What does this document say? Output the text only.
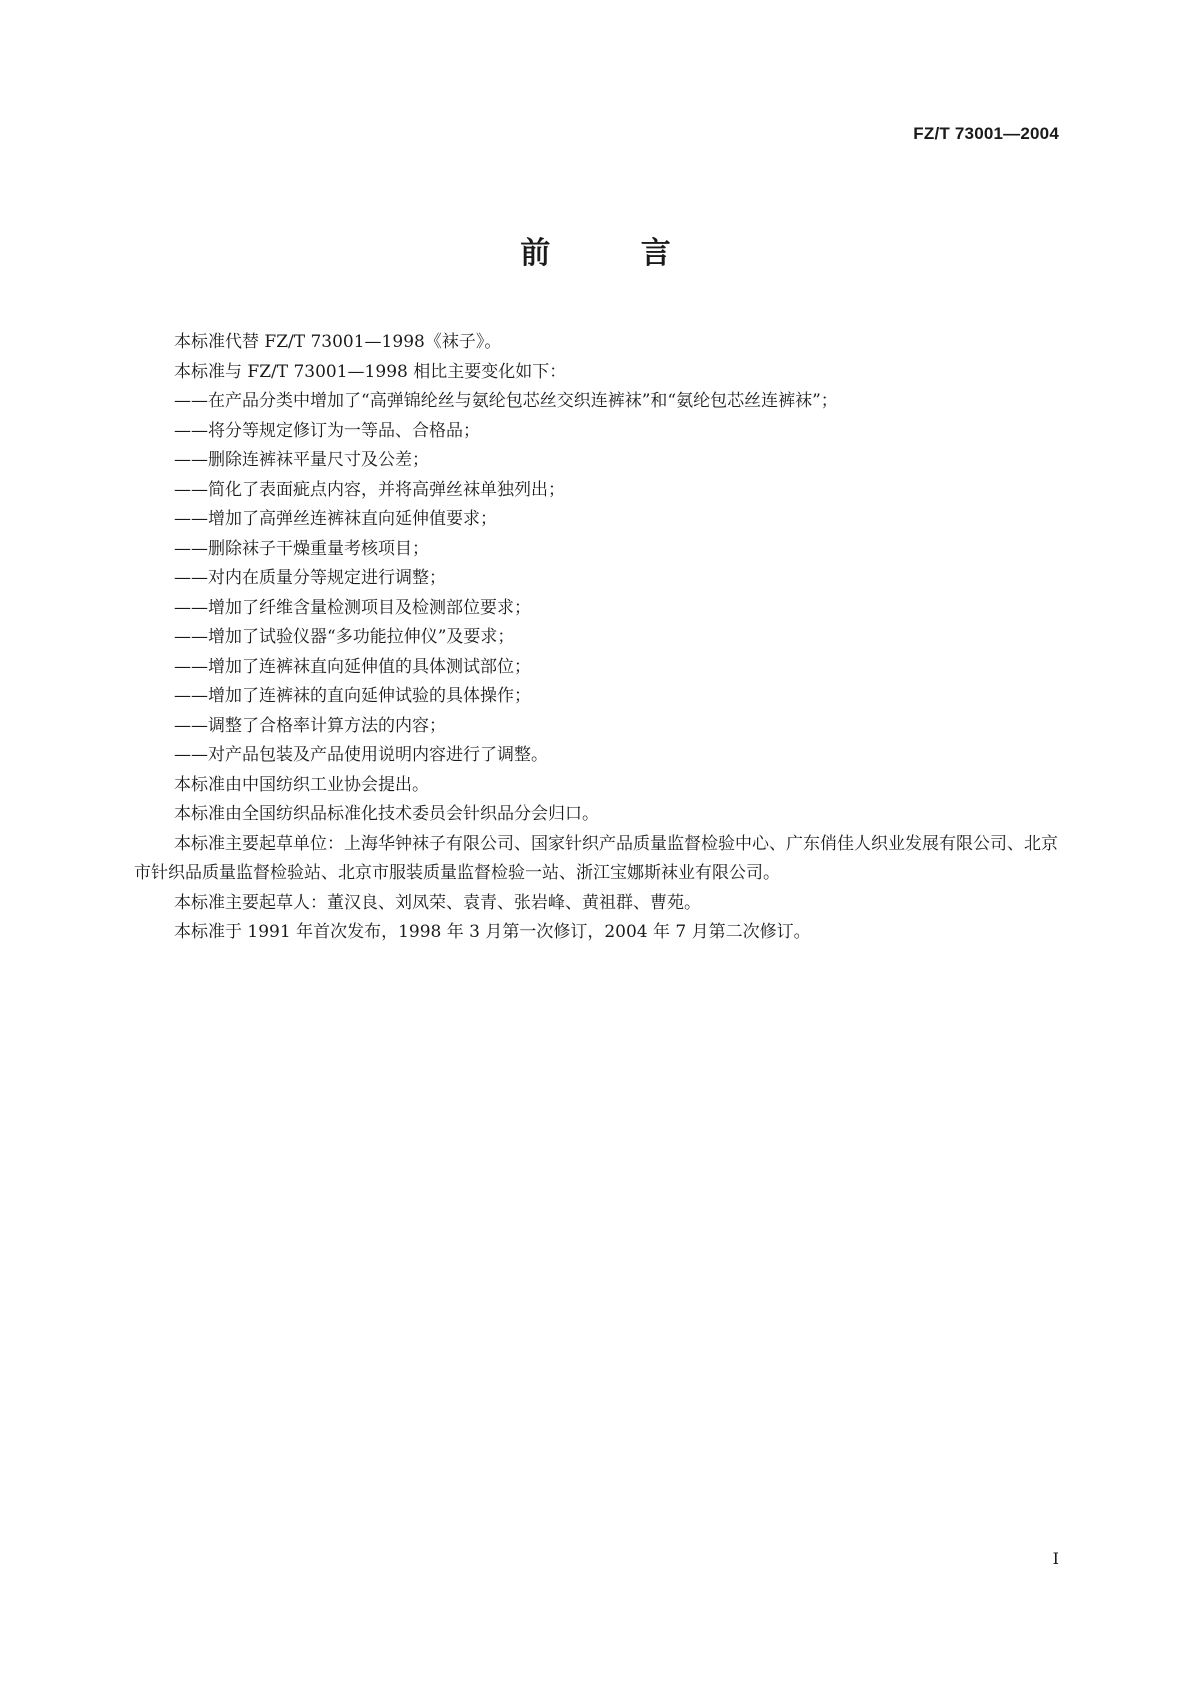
FZ/T 73001—2004
前 言

本标准代替 FZ/T 73001—1998《袜子》。

本标准与 FZ/T 73001—1998 相比主要变化如下：

——在产品分类中增加了“高弹锦纶丝与氨纶包芯丝交织连裤袜”和“氨纶包芯丝连裤袜”；

——将分等规定修订为一等品、合格品；

——删除连裤袜平量尺寸及公差；

——简化了表面疵点内容，并将高弹丝袜单独列出；

——增加了高弹丝连裤袜直向延伸值要求；

——删除袜子干燥重量考核项目；

——对内在质量分等规定进行调整；

——增加了纤维含量检测项目及检测部位要求；

——增加了试验仪器“多功能拉伸仪”及要求；

——增加了连裤袜直向延伸值的具体测试部位；

——增加了连裤袜的直向延伸试验的具体操作；

——调整了合格率计算方法的内容；

——对产品包装及产品使用说明内容进行了调整。

本标准由中国纺织工业协会提出。

本标准由全国纺织品标准化技术委员会针织品分会归口。

本标准主要起草单位：上海华钟袜子有限公司、国家针织产品质量监督检验中心、广东俏佳人织业发展有限公司、北京市针织品质量监督检验站、北京市服装质量监督检验一站、浙江宝娜斯袜业有限公司。

本标准主要起草人：董汉良、刘凤荣、袁青、张岩峰、黄祖群、曹苑。

本标准于 1991 年首次发布，1998 年 3 月第一次修订，2004 年 7 月第二次修订。

I
